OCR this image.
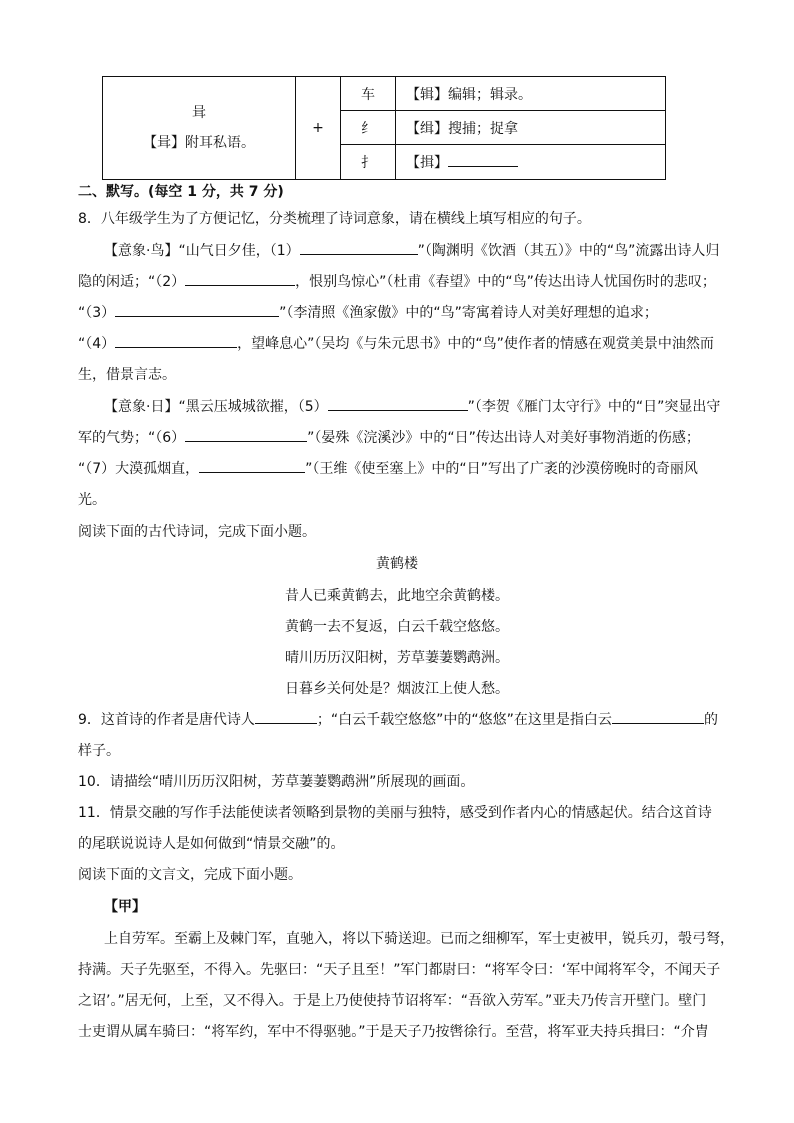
咠
【咠】附耳私语。	+	车	【辑】编辑；辑录。
		纟	【缉】搜捕；捉拿
		扌	【揖】
二、默写。(每空 1 分，共 7 分)
8．八年级学生为了方便记忆，分类梳理了诗词意象，请在横线上填写相应的句子。
【意象·鸟】“山气日夕佳，（1）	”（陶渊明《饮酒（其五）》中的“鸟”流露出诗人归
隐的闲适；“（2）	，恨别鸟惊心”（杜甫《春望》中的“鸟”传达出诗人忧国伤时的悲叹；
“（3）	”（李清照《渔家傲》中的“鸟”寄寓着诗人对美好理想的追求；
“（4）	，望峰息心”（吴均《与朱元思书》中的“鸟”使作者的情感在观赏美景中油然而
生，借景言志。
【意象·日】“黑云压城城欲摧，（5）	”（李贺《雁门太守行》中的“日”突显出守
军的气势；“（6）	”（晏殊《浣溪沙》中的“日”传达出诗人对美好事物消逝的伤感；
“（7）大漠孤烟直，	”（王维《使至塞上》中的“日”写出了广袤的沙漠傍晚时的奇丽风
光。
阅读下面的古代诗词，完成下面小题。
黄鹤楼
昔人已乘黄鹤去，此地空余黄鹤楼。
黄鹤一去不复返，白云千载空悠悠。
晴川历历汉阳树，芳草萋萋鹦鹉洲。
日暮乡关何处是？烟波江上使人愁。
9．这首诗的作者是唐代诗人	；“白云千载空悠悠”中的“悠悠”在这里是指白云	的
样子。
10．请描绘“晴川历历汉阳树，芳草萋萋鹦鹉洲”所展现的画面。
11．情景交融的写作手法能使读者领略到景物的美丽与独特，感受到作者内心的情感起伏。结合这首诗
的尾联说说诗人是如何做到“情景交融”的。
阅读下面的文言文，完成下面小题。
【甲】
上自劳军。至霸上及棘门军，直驰入，将以下骑送迎。已而之细柳军，军士吏被甲，锐兵刃，彀弓弩，
持满。天子先驱至，不得入。先驱曰：“天子且至！”军门都尉曰：“将军令曰：‘军中闻将军令，不闻天子
之诏’。”居无何，上至，又不得入。于是上乃使使持节诏将军：“吾欲入劳军。”亚夫乃传言开壁门。壁门
士吏谓从属车骑曰：“将军约，军中不得驱驰。”于是天子乃按辔徐行。至营，将军亚夫持兵揖曰：“介胄
